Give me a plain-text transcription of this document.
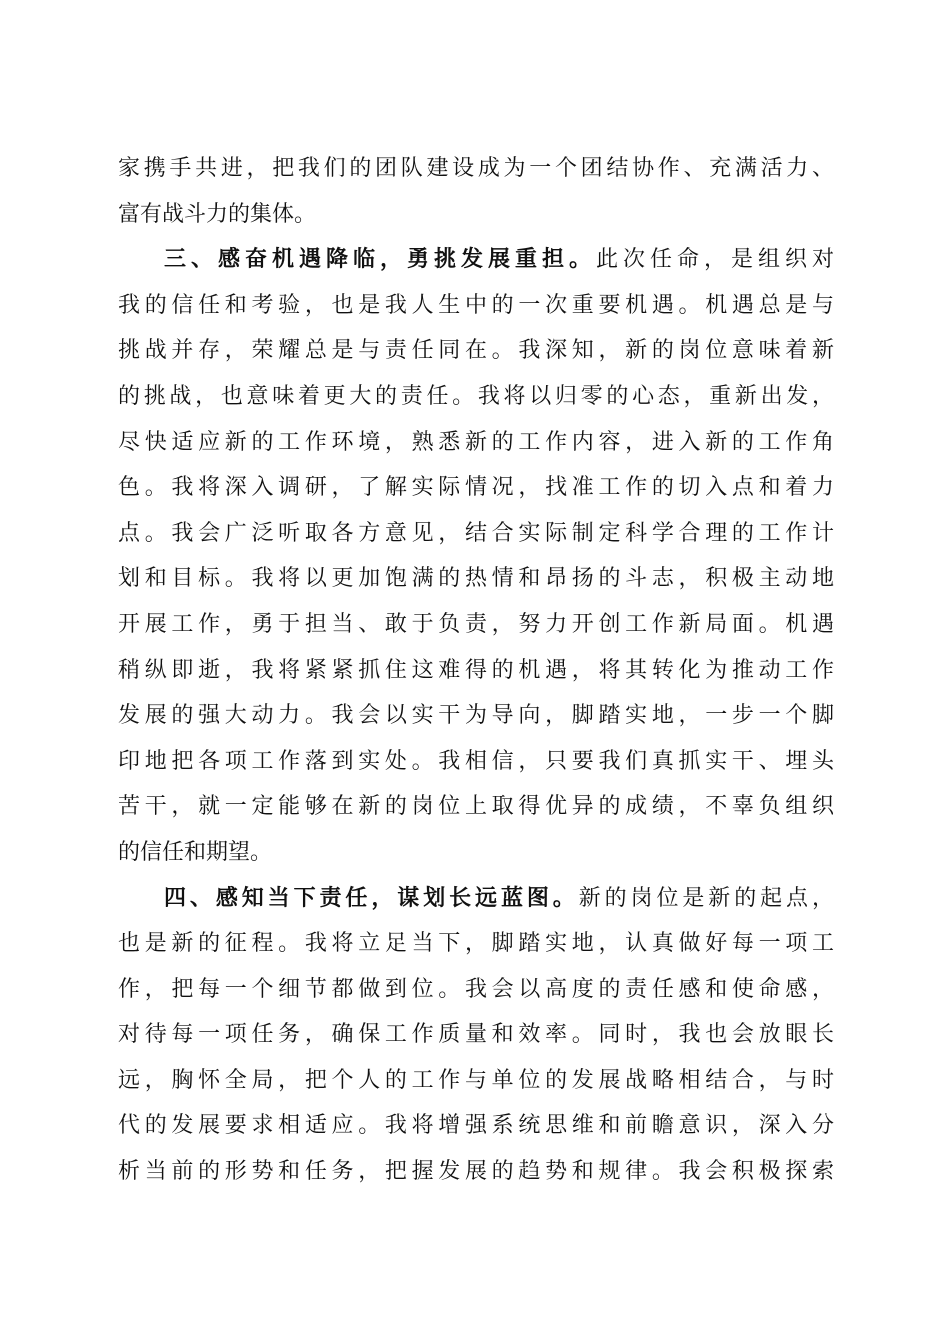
家携手共进，把我们的团队建设成为一个团结协作、充满活力、
富有战斗力的集体。
三、感奋机遇降临，勇挑发展重担。此次任命，是组织对
我的信任和考验，也是我人生中的一次重要机遇。机遇总是与
挑战并存，荣耀总是与责任同在。我深知，新的岗位意味着新
的挑战，也意味着更大的责任。我将以归零的心态，重新出发，
尽快适应新的工作环境，熟悉新的工作内容，进入新的工作角
色。我将深入调研，了解实际情况，找准工作的切入点和着力
点。我会广泛听取各方意见，结合实际制定科学合理的工作计
划和目标。我将以更加饱满的热情和昂扬的斗志，积极主动地
开展工作，勇于担当、敢于负责，努力开创工作新局面。机遇
稍纵即逝，我将紧紧抓住这难得的机遇，将其转化为推动工作
发展的强大动力。我会以实干为导向，脚踏实地，一步一个脚
印地把各项工作落到实处。我相信，只要我们真抓实干、埋头
苦干，就一定能够在新的岗位上取得优异的成绩，不辜负组织
的信任和期望。
四、感知当下责任，谋划长远蓝图。新的岗位是新的起点，
也是新的征程。我将立足当下，脚踏实地，认真做好每一项工
作，把每一个细节都做到位。我会以高度的责任感和使命感，
对待每一项任务，确保工作质量和效率。同时，我也会放眼长
远，胸怀全局，把个人的工作与单位的发展战略相结合，与时
代的发展要求相适应。我将增强系统思维和前瞻意识，深入分
析当前的形势和任务，把握发展的趋势和规律。我会积极探索
